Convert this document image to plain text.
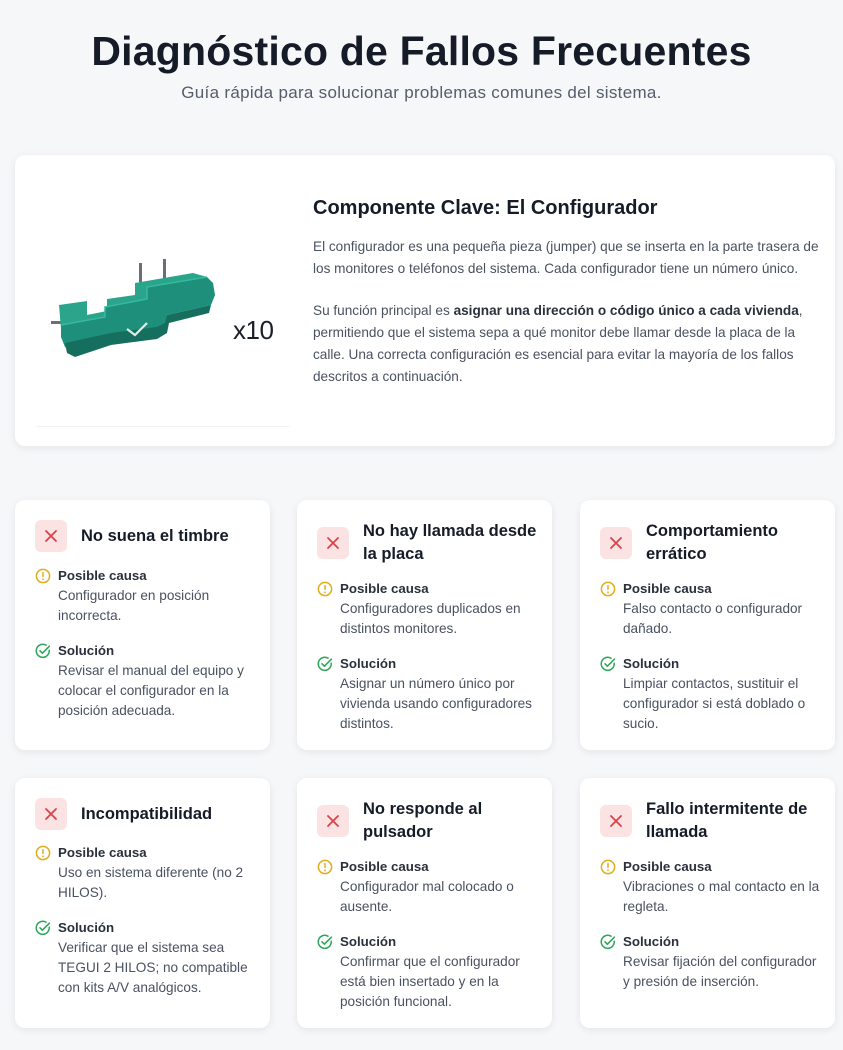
Diagnóstico de Fallos Frecuentes

Guía rápida para solucionar problemas comunes del sistema.

x10
Componente Clave: El Configurador

El configurador es una pequeña pieza (jumper) que se inserta en la parte trasera de los monitores o teléfonos del sistema. Cada configurador tiene un número único.

Su función principal es asignar una dirección o código único a cada vivienda, permitiendo que el sistema sepa a qué monitor debe llamar desde la placa de la calle. Una correcta configuración es esencial para evitar la mayoría de los fallos descritos a continuación.

No suena el timbre
Posible causa
Configurador en posición incorrecta.
Solución
Revisar el manual del equipo y colocar el configurador en la posición adecuada.
No hay llamada desde la placa
Posible causa
Configuradores duplicados en distintos monitores.
Solución
Asignar un número único por vivienda usando configuradores distintos.
Comportamiento errático
Posible causa
Falso contacto o configurador dañado.
Solución
Limpiar contactos, sustituir el configurador si está doblado o sucio.
Incompatibilidad
Posible causa
Uso en sistema diferente (no 2 HILOS).
Solución
Verificar que el sistema sea TEGUI 2 HILOS; no compatible con kits A/V analógicos.
No responde al pulsador
Posible causa
Configurador mal colocado o ausente.
Solución
Confirmar que el configurador está bien insertado y en la posición funcional.
Fallo intermitente de llamada
Posible causa
Vibraciones o mal contacto en la regleta.
Solución
Revisar fijación del configurador y presión de inserción.
